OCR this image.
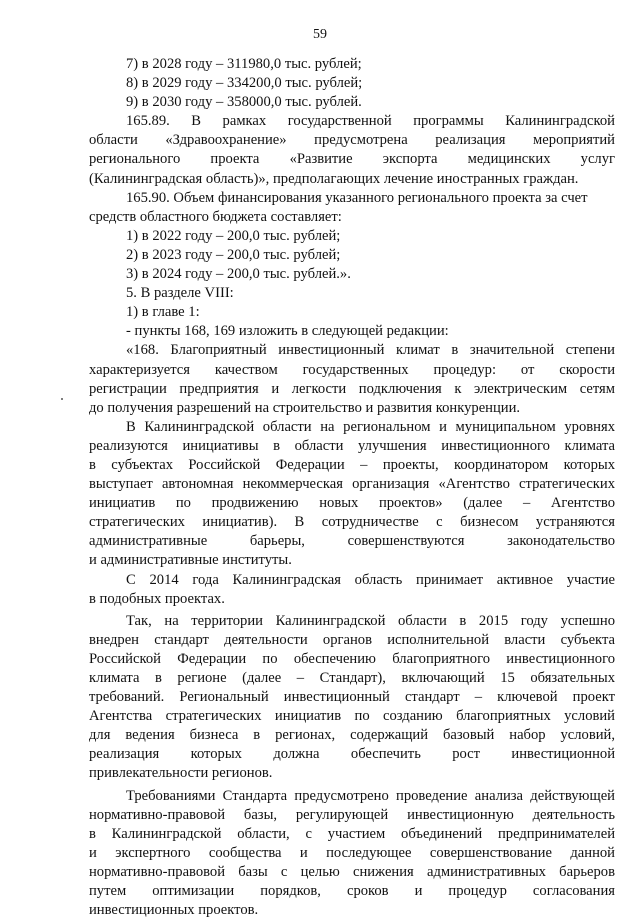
59
7) в 2028 году – 311980,0 тыс. рублей;
8) в 2029 году – 334200,0 тыс. рублей;
9) в 2030 году – 358000,0 тыс. рублей.
165.89. В рамках государственной программы Калининградской
области «Здравоохранение» предусмотрена реализация мероприятий
регионального проекта «Развитие экспорта медицинских услуг
(Калининградская область)», предполагающих лечение иностранных граждан.
165.90. Объем финансирования указанного регионального проекта за счет
средств областного бюджета составляет:
1) в 2022 году – 200,0 тыс. рублей;
2) в 2023 году – 200,0 тыс. рублей;
3) в 2024 году – 200,0 тыс. рублей.».
5. В разделе VIII:
1) в главе 1:
- пункты 168, 169 изложить в следующей редакции:
«168. Благоприятный инвестиционный климат в значительной степени
характеризуется качеством государственных процедур: от скорости
регистрации предприятия и легкости подключения к электрическим сетям
до получения разрешений на строительство и развития конкуренции.
В Калининградской области на региональном и муниципальном уровнях
реализуются инициативы в области улучшения инвестиционного климата
в субъектах Российской Федерации – проекты, координатором которых
выступает автономная некоммерческая организация «Агентство стратегических
инициатив по продвижению новых проектов» (далее – Агентство
стратегических инициатив). В сотрудничестве с бизнесом устраняются
административные барьеры, совершенствуются законодательство
и административные институты.
С 2014 года Калининградская область принимает активное участие
в подобных проектах.
Так, на территории Калининградской области в 2015 году успешно
внедрен стандарт деятельности органов исполнительной власти субъекта
Российской Федерации по обеспечению благоприятного инвестиционного
климата в регионе (далее – Стандарт), включающий 15 обязательных
требований. Региональный инвестиционный стандарт – ключевой проект
Агентства стратегических инициатив по созданию благоприятных условий
для ведения бизнеса в регионах, содержащий базовый набор условий,
реализация которых должна обеспечить рост инвестиционной
привлекательности регионов.
Требованиями Стандарта предусмотрено проведение анализа действующей
нормативно-правовой базы, регулирующей инвестиционную деятельность
в Калининградской области, с участием объединений предпринимателей
и экспертного сообщества и последующее совершенствование данной
нормативно-правовой базы с целью снижения административных барьеров
путем оптимизации порядков, сроков и процедур согласования
инвестиционных проектов.
